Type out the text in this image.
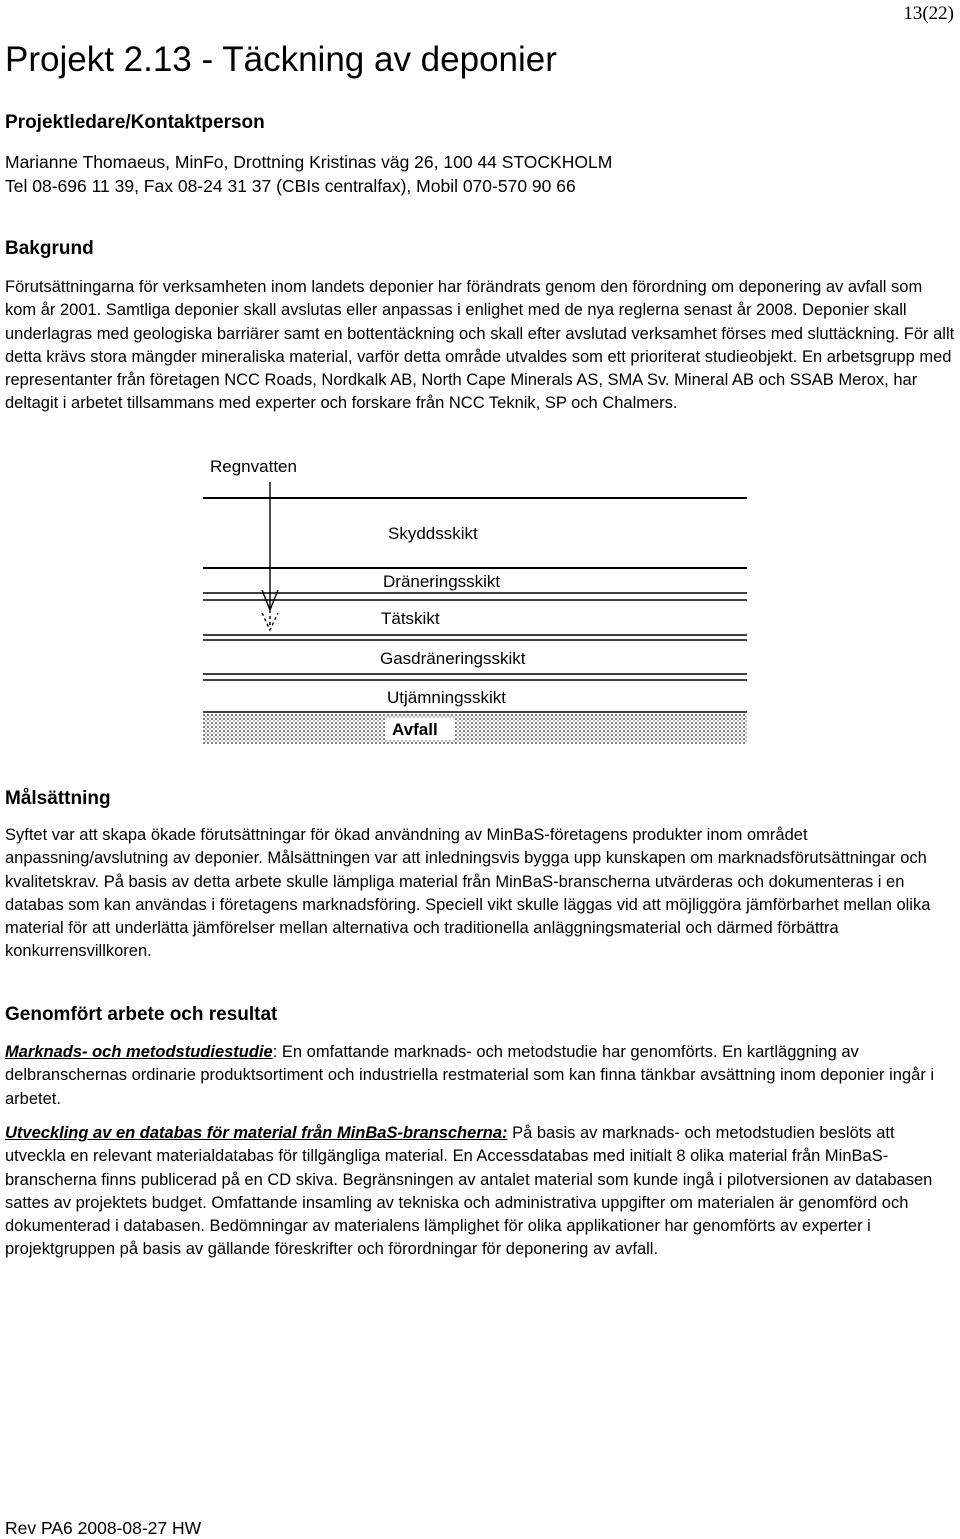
13(22)
Projekt 2.13 - Täckning av deponier
Projektledare/Kontaktperson
Marianne Thomaeus, MinFo, Drottning Kristinas väg 26, 100 44 STOCKHOLM
Tel 08-696 11 39, Fax 08-24 31 37 (CBIs centralfax), Mobil 070-570 90 66
Bakgrund

Förutsättningarna för verksamheten inom landets deponier har förändrats genom den förordning om deponering av avfall som kom år 2001. Samtliga deponier skall avslutas eller anpassas i enlighet med de nya reglerna senast år 2008. Deponier skall underlagras med geologiska barriärer samt en bottentäckning och skall efter avslutad verksamhet förses med sluttäckning. För allt detta krävs stora mängder mineraliska material, varför detta område utvaldes som ett prioriterat studieobjekt. En arbetsgrupp med representanter från företagen NCC Roads, Nordkalk AB, North Cape Minerals AS, SMA Sv. Mineral AB och SSAB Merox, har deltagit i arbetet tillsammans med experter och forskare från NCC Teknik, SP och Chalmers.

Regnvatten
Skyddsskikt
Dräneringsskikt
Tätskikt
Gasdräneringsskikt
Utjämningsskikt
Avfall
Målsättning

Syftet var att skapa ökade förutsättningar för ökad användning av MinBaS-företagens produkter inom området anpassning/avslutning av deponier. Målsättningen var att inledningsvis bygga upp kunskapen om marknadsförutsättningar och kvalitetskrav. På basis av detta arbete skulle lämpliga material från MinBaS-branscherna utvärderas och dokumenteras i en databas som kan användas i företagens marknadsföring. Speciell vikt skulle läggas vid att möjliggöra jämförbarhet mellan olika material för att underlätta jämförelser mellan alternativa och traditionella anläggningsmaterial och därmed förbättra konkurrensvillkoren.

Genomfört arbete och resultat

Marknads- och metodstudiestudie: En omfattande marknads- och metodstudie har genomförts. En kartläggning av delbranschernas ordinarie produktsortiment och industriella restmaterial som kan finna tänkbar avsättning inom deponier ingår i arbetet.

Utveckling av en databas för material från MinBaS-branscherna: På basis av marknads- och metodstudien beslöts att utveckla en relevant materialdatabas för tillgängliga material. En Accessdatabas med initialt 8 olika material från MinBaS-branscherna finns publicerad på en CD skiva. Begränsningen av antalet material som kunde ingå i pilotversionen av databasen sattes av projektets budget. Omfattande insamling av tekniska och administrativa uppgifter om materialen är genomförd och dokumenterad i databasen. Bedömningar av materialens lämplighet för olika applikationer har genomförts av experter i projektgruppen på basis av gällande föreskrifter och förordningar för deponering av avfall.

Rev PA6 2008-08-27 HW
